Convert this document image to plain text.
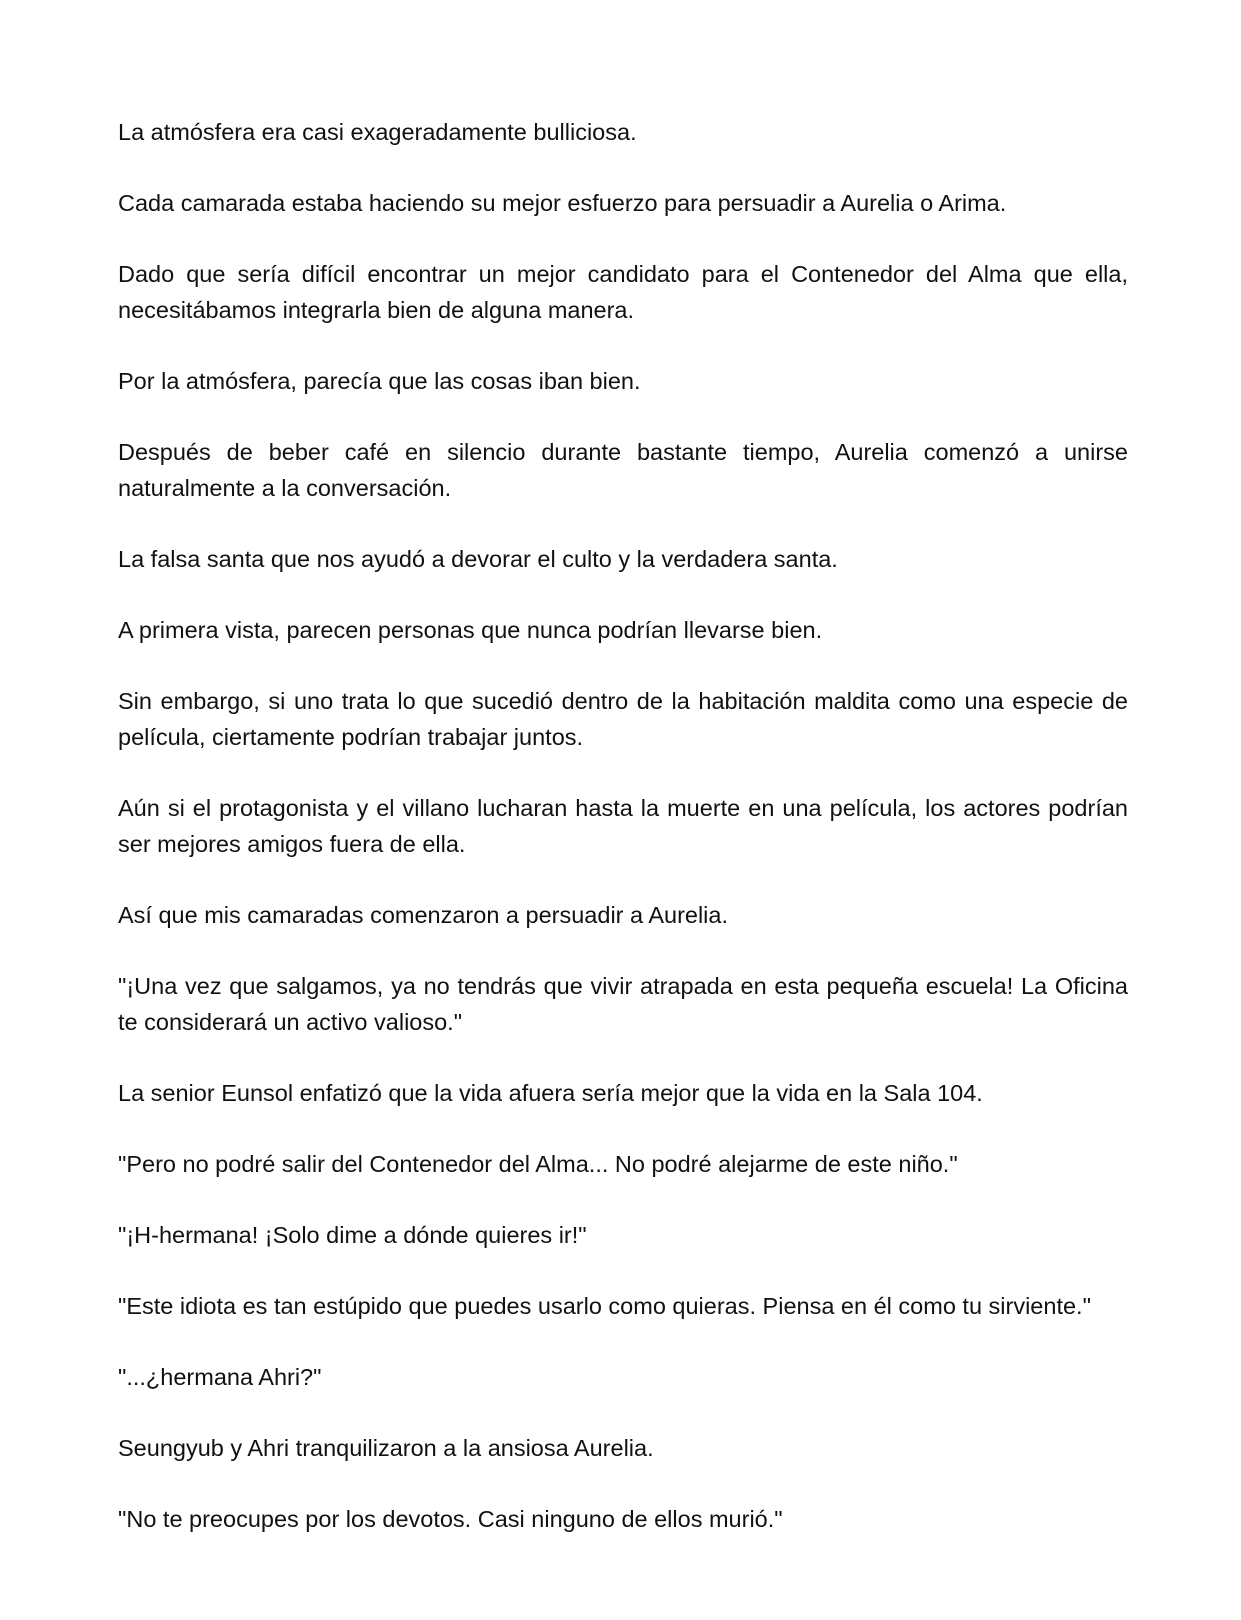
La atmósfera era casi exageradamente bulliciosa.

Cada camarada estaba haciendo su mejor esfuerzo para persuadir a Aurelia o Arima.

Dado que sería difícil encontrar un mejor candidato para el Contenedor del Alma que ella, necesitábamos integrarla bien de alguna manera.

Por la atmósfera, parecía que las cosas iban bien.

Después de beber café en silencio durante bastante tiempo, Aurelia comenzó a unirse naturalmente a la conversación.

La falsa santa que nos ayudó a devorar el culto y la verdadera santa.

A primera vista, parecen personas que nunca podrían llevarse bien.

Sin embargo, si uno trata lo que sucedió dentro de la habitación maldita como una especie de película, ciertamente podrían trabajar juntos.

Aún si el protagonista y el villano lucharan hasta la muerte en una película, los actores podrían ser mejores amigos fuera de ella.

Así que mis camaradas comenzaron a persuadir a Aurelia.

"¡Una vez que salgamos, ya no tendrás que vivir atrapada en esta pequeña escuela! La Oficina te considerará un activo valioso."

La senior Eunsol enfatizó que la vida afuera sería mejor que la vida en la Sala 104.

"Pero no podré salir del Contenedor del Alma... No podré alejarme de este niño."

"¡H-hermana! ¡Solo dime a dónde quieres ir!"

"Este idiota es tan estúpido que puedes usarlo como quieras. Piensa en él como tu sirviente."

"...¿hermana Ahri?"

Seungyub y Ahri tranquilizaron a la ansiosa Aurelia.

"No te preocupes por los devotos. Casi ninguno de ellos murió."
